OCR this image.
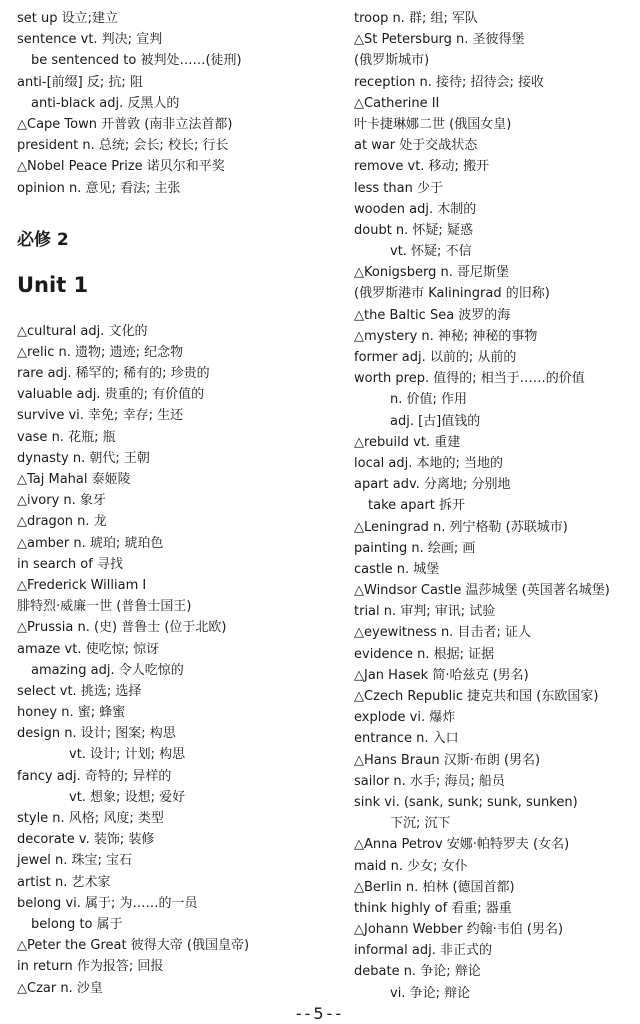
set up 设立;建立
sentence vt. 判决; 宣判
be sentenced to 被判处……(徒刑)
anti-[前缀] 反; 抗; 阻
anti-black adj. 反黑人的
△Cape Town 开普敦 (南非立法首都)
president n. 总统; 会长; 校长; 行长
△Nobel Peace Prize 诺贝尔和平奖
opinion n. 意见; 看法; 主张
必修 2
Unit 1
△cultural adj. 文化的
△relic n. 遗物; 遗迹; 纪念物
rare adj. 稀罕的; 稀有的; 珍贵的
valuable adj. 贵重的; 有价值的
survive vi. 幸免; 幸存; 生还
vase n. 花瓶; 瓶
dynasty n. 朝代; 王朝
△Taj Mahal 泰姬陵
△ivory n. 象牙
△dragon n. 龙
△amber n. 琥珀; 琥珀色
in search of 寻找
△Frederick William I
腓特烈·威廉一世 (普鲁士国王)
△Prussia n. (史) 普鲁士 (位于北欧)
amaze vt. 使吃惊; 惊讶
amazing adj. 令人吃惊的
select vt. 挑选; 选择
honey n. 蜜; 蜂蜜
design n. 设计; 图案; 构思
vt. 设计; 计划; 构思
fancy adj. 奇特的; 异样的
vt. 想象; 设想; 爱好
style n. 风格; 风度; 类型
decorate v. 装饰; 装修
jewel n. 珠宝; 宝石
artist n. 艺术家
belong vi. 属于; 为……的一员
belong to 属于
△Peter the Great 彼得大帝 (俄国皇帝)
in return 作为报答; 回报
△Czar n. 沙皇
troop n. 群; 组; 军队
△St Petersburg n. 圣彼得堡
(俄罗斯城市)
reception n. 接待; 招待会; 接收
△Catherine II
叶卡捷琳娜二世 (俄国女皇)
at war 处于交战状态
remove vt. 移动; 搬开
less than 少于
wooden adj. 木制的
doubt n. 怀疑; 疑惑
vt. 怀疑; 不信
△Konigsberg n. 哥尼斯堡
(俄罗斯港市 Kaliningrad 的旧称)
△the Baltic Sea 波罗的海
△mystery n. 神秘; 神秘的事物
former adj. 以前的; 从前的
worth prep. 值得的; 相当于……的价值
n. 价值; 作用
adj. [古]值钱的
△rebuild vt. 重建
local adj. 本地的; 当地的
apart adv. 分离地; 分别地
take apart 拆开
△Leningrad n. 列宁格勒 (苏联城市)
painting n. 绘画; 画
castle n. 城堡
△Windsor Castle 温莎城堡 (英国著名城堡)
trial n. 审判; 审讯; 试验
△eyewitness n. 目击者; 证人
evidence n. 根据; 证据
△Jan Hasek 简·哈兹克 (男名)
△Czech Republic 捷克共和国 (东欧国家)
explode vi. 爆炸
entrance n. 入口
△Hans Braun 汉斯·布朗 (男名)
sailor n. 水手; 海员; 船员
sink vi. (sank, sunk; sunk, sunken)
下沉; 沉下
△Anna Petrov 安娜·帕特罗夫 (女名)
maid n. 少女; 女仆
△Berlin n. 柏林 (德国首都)
think highly of 看重; 器重
△Johann Webber 约翰·韦伯 (男名)
informal adj. 非正式的
debate n. 争论; 辩论
vi. 争论; 辩论
--5--
